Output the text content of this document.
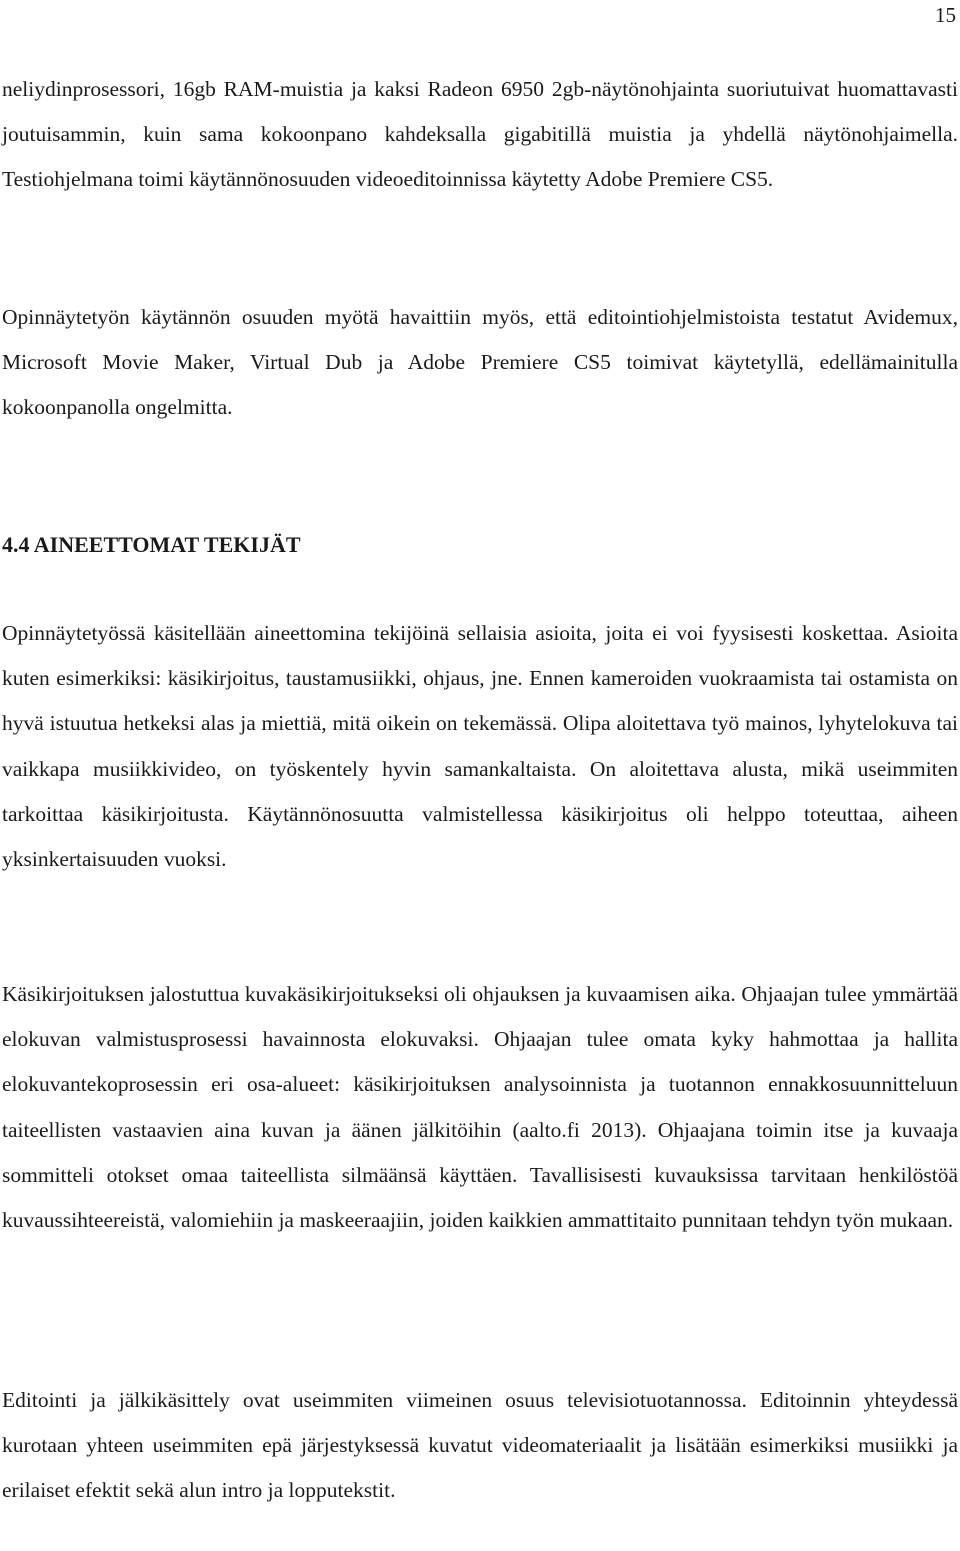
15

neliydinprosessori, 16gb RAM-muistia ja kaksi Radeon 6950 2gb-näytönohjainta suoriutuivat huomattavasti joutuisammin, kuin sama kokoonpano kahdeksalla gigabitillä muistia ja yhdellä näytönohjaimella. Testiohjelmana toimi käytännönosuuden videoeditoinnissa käytetty Adobe Premiere CS5.

Opinnäytetyön käytännön osuuden myötä havaittiin myös, että editointiohjelmistoista testatut Avidemux, Microsoft Movie Maker, Virtual Dub ja Adobe Premiere CS5 toimivat käytetyllä, edellämainitulla kokoonpanolla ongelmitta.

4.4 AINEETTOMAT TEKIJÄT

Opinnäytetyössä käsitellään aineettomina tekijöinä sellaisia asioita, joita ei voi fyysisesti koskettaa. Asioita kuten esimerkiksi: käsikirjoitus, taustamusiikki, ohjaus, jne. Ennen kameroiden vuokraamista tai ostamista on hyvä istuutua hetkeksi alas ja miettiä, mitä oikein on tekemässä. Olipa aloitettava työ mainos, lyhytelokuva tai vaikkapa musiikkivideo, on työskentely hyvin samankaltaista. On aloitettava alusta, mikä useimmiten tarkoittaa käsikirjoitusta. Käytännönosuutta valmistellessa käsikirjoitus oli helppo toteuttaa, aiheen yksinkertaisuuden vuoksi.

Käsikirjoituksen jalostuttua kuvakäsikirjoitukseksi oli ohjauksen ja kuvaamisen aika. Ohjaajan tulee ymmärtää elokuvan valmistusprosessi havainnosta elokuvaksi. Ohjaajan tulee omata kyky hahmottaa ja hallita elokuvantekoprosessin eri osa-alueet: käsikirjoituksen analysoinnista ja tuotannon ennakkosuunnitteluun taiteellisten vastaavien aina kuvan ja äänen jälkitöihin (aalto.fi 2013). Ohjaajana toimin itse ja kuvaaja sommitteli otokset omaa taiteellista silmäänsä käyttäen. Tavallisisesti kuvauksissa tarvitaan henkilöstöä kuvaussihteereistä, valomiehiin ja maskeeraajiin, joiden kaikkien ammattitaito punnitaan tehdyn työn mukaan.

Editointi ja jälkikäsittely ovat useimmiten viimeinen osuus televisiotuotannossa. Editoinnin yhteydessä kurotaan yhteen useimmiten epä järjestyksessä kuvatut videomateriaalit ja lisätään esimerkiksi musiikki ja erilaiset efektit sekä alun intro ja lopputekstit.
